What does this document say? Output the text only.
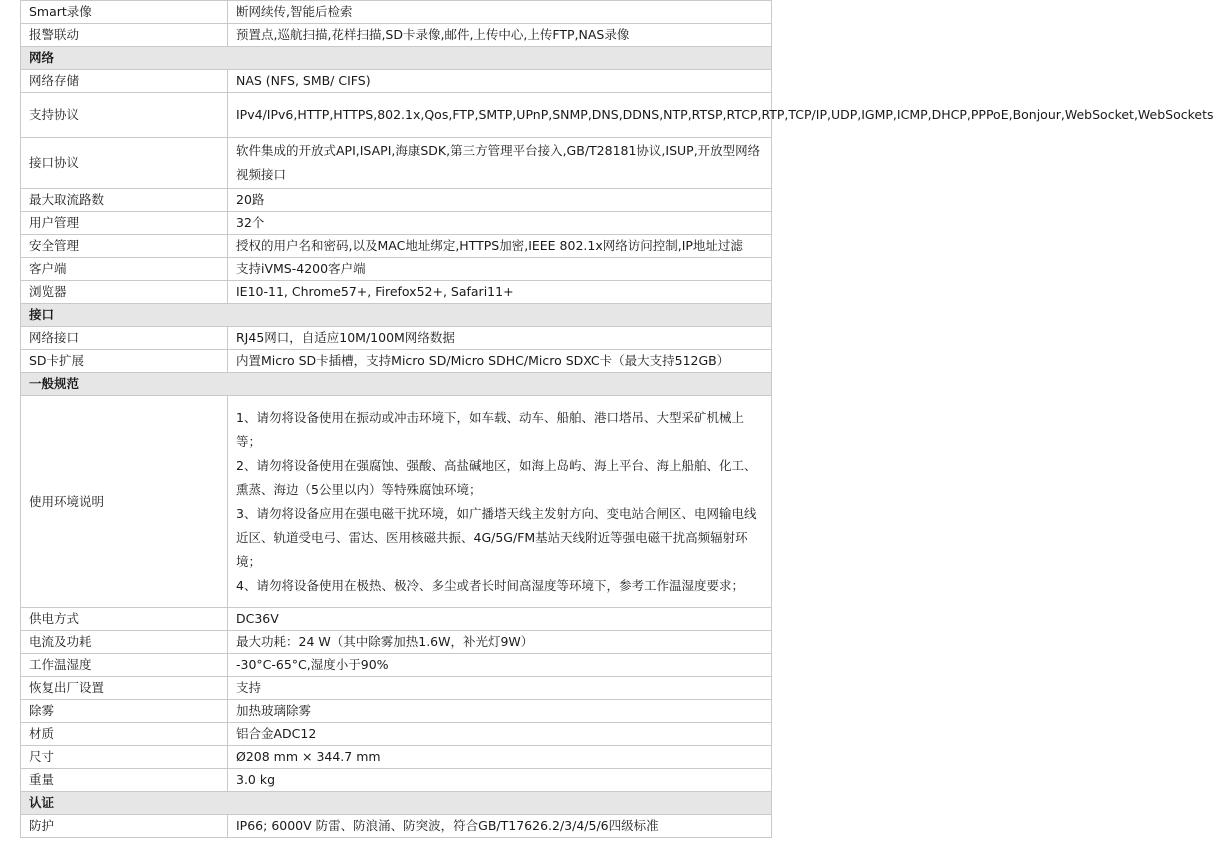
Smart录像	断网续传,智能后检索
报警联动	预置点,巡航扫描,花样扫描,SD卡录像,邮件,上传中心,上传FTP,NAS录像
网络	
网络存储	NAS (NFS, SMB/ CIFS)
支持协议	IPv4/IPv6,HTTP,HTTPS,802.1x,Qos,FTP,SMTP,UPnP,SNMP,DNS,DDNS,NTP,RTSP,RTCP,RTP,TCP/IP,UDP,IGMP,ICMP,DHCP,PPPoE,Bonjour,WebSocket,WebSockets
接口协议	软件集成的开放式API,ISAPI,海康SDK,第三方管理平台接入,GB/T28181协议,ISUP,开放型网络视频接口
最大取流路数	20路
用户管理	32个
安全管理	授权的用户名和密码,以及MAC地址绑定,HTTPS加密,IEEE 802.1x网络访问控制,IP地址过滤
客户端	支持iVMS-4200客户端
浏览器	IE10-11, Chrome57+, Firefox52+, Safari11+
接口	
网络接口	RJ45网口，自适应10M/100M网络数据
SD卡扩展	内置Micro SD卡插槽，支持Micro SD/Micro SDHC/Micro SDXC卡（最大支持512GB）
一般规范	
使用环境说明	1、请勿将设备使用在振动或冲击环境下，如车载、动车、船舶、港口塔吊、大型采矿机械上等；
2、请勿将设备使用在强腐蚀、强酸、高盐碱地区，如海上岛屿、海上平台、海上船舶、化工、熏蒸、海边（5公里以内）等特殊腐蚀环境；
3、请勿将设备应用在强电磁干扰环境，如广播塔天线主发射方向、变电站合闸区、电网输电线近区、轨道受电弓、雷达、医用核磁共振、4G/5G/FM基站天线附近等强电磁干扰高频辐射环境；
4、请勿将设备使用在极热、极冷、多尘或者长时间高湿度等环境下，参考工作温湿度要求；
供电方式	DC36V
电流及功耗	最大功耗：24 W（其中除雾加热1.6W，补光灯9W）
工作温湿度	-30°C-65°C,湿度小于90%
恢复出厂设置	支持
除雾	加热玻璃除雾
材质	铝合金ADC12
尺寸	Ø208 mm × 344.7 mm
重量	3.0 kg
认证	
防护	IP66; 6000V 防雷、防浪涌、防突波，符合GB/T17626.2/3/4/5/6四级标准
